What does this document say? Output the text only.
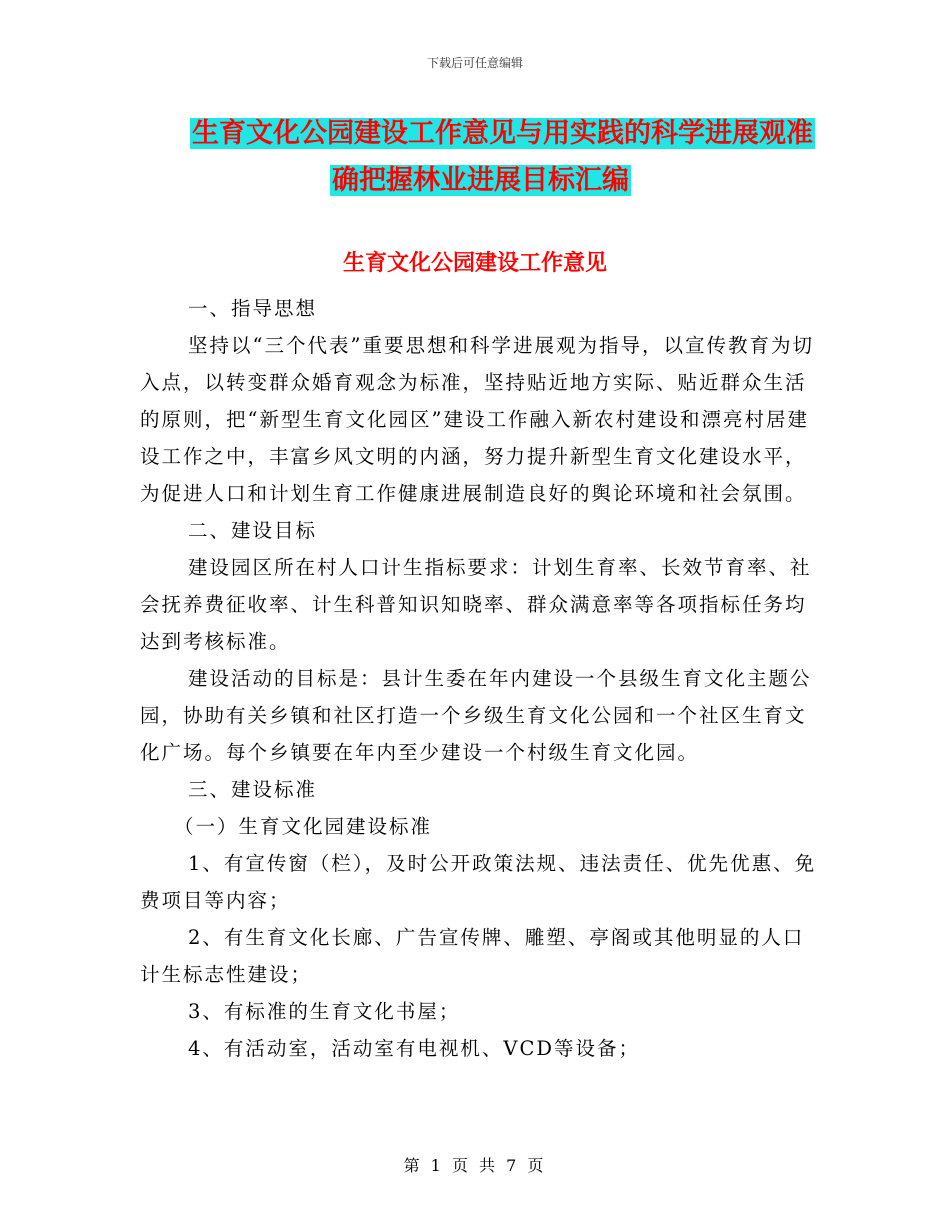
下载后可任意编辑
生育文化公园建设工作意见与用实践的科学进展观准
确把握林业进展目标汇编
生育文化公园建设工作意见

一、指导思想

坚持以“三个代表”重要思想和科学进展观为指导，以宣传教育为切入点，以转变群众婚育观念为标准，坚持贴近地方实际、贴近群众生活的原则，把“新型生育文化园区”建设工作融入新农村建设和漂亮村居建设工作之中，丰富乡风文明的内涵，努力提升新型生育文化建设水平，为促进人口和计划生育工作健康进展制造良好的舆论环境和社会氛围。

二、建设目标

建设园区所在村人口计生指标要求：计划生育率、长效节育率、社会抚养费征收率、计生科普知识知晓率、群众满意率等各项指标任务均达到考核标准。

建设活动的目标是：县计生委在年内建设一个县级生育文化主题公园，协助有关乡镇和社区打造一个乡级生育文化公园和一个社区生育文化广场。每个乡镇要在年内至少建设一个村级生育文化园。

三、建设标准

（一）生育文化园建设标准

1、有宣传窗（栏），及时公开政策法规、违法责任、优先优惠、免费项目等内容；

2、有生育文化长廊、广告宣传牌、雕塑、亭阁或其他明显的人口计生标志性建设；

3、有标准的生育文化书屋；

4、有活动室，活动室有电视机、VCD等设备；

第 1 页 共 7 页
